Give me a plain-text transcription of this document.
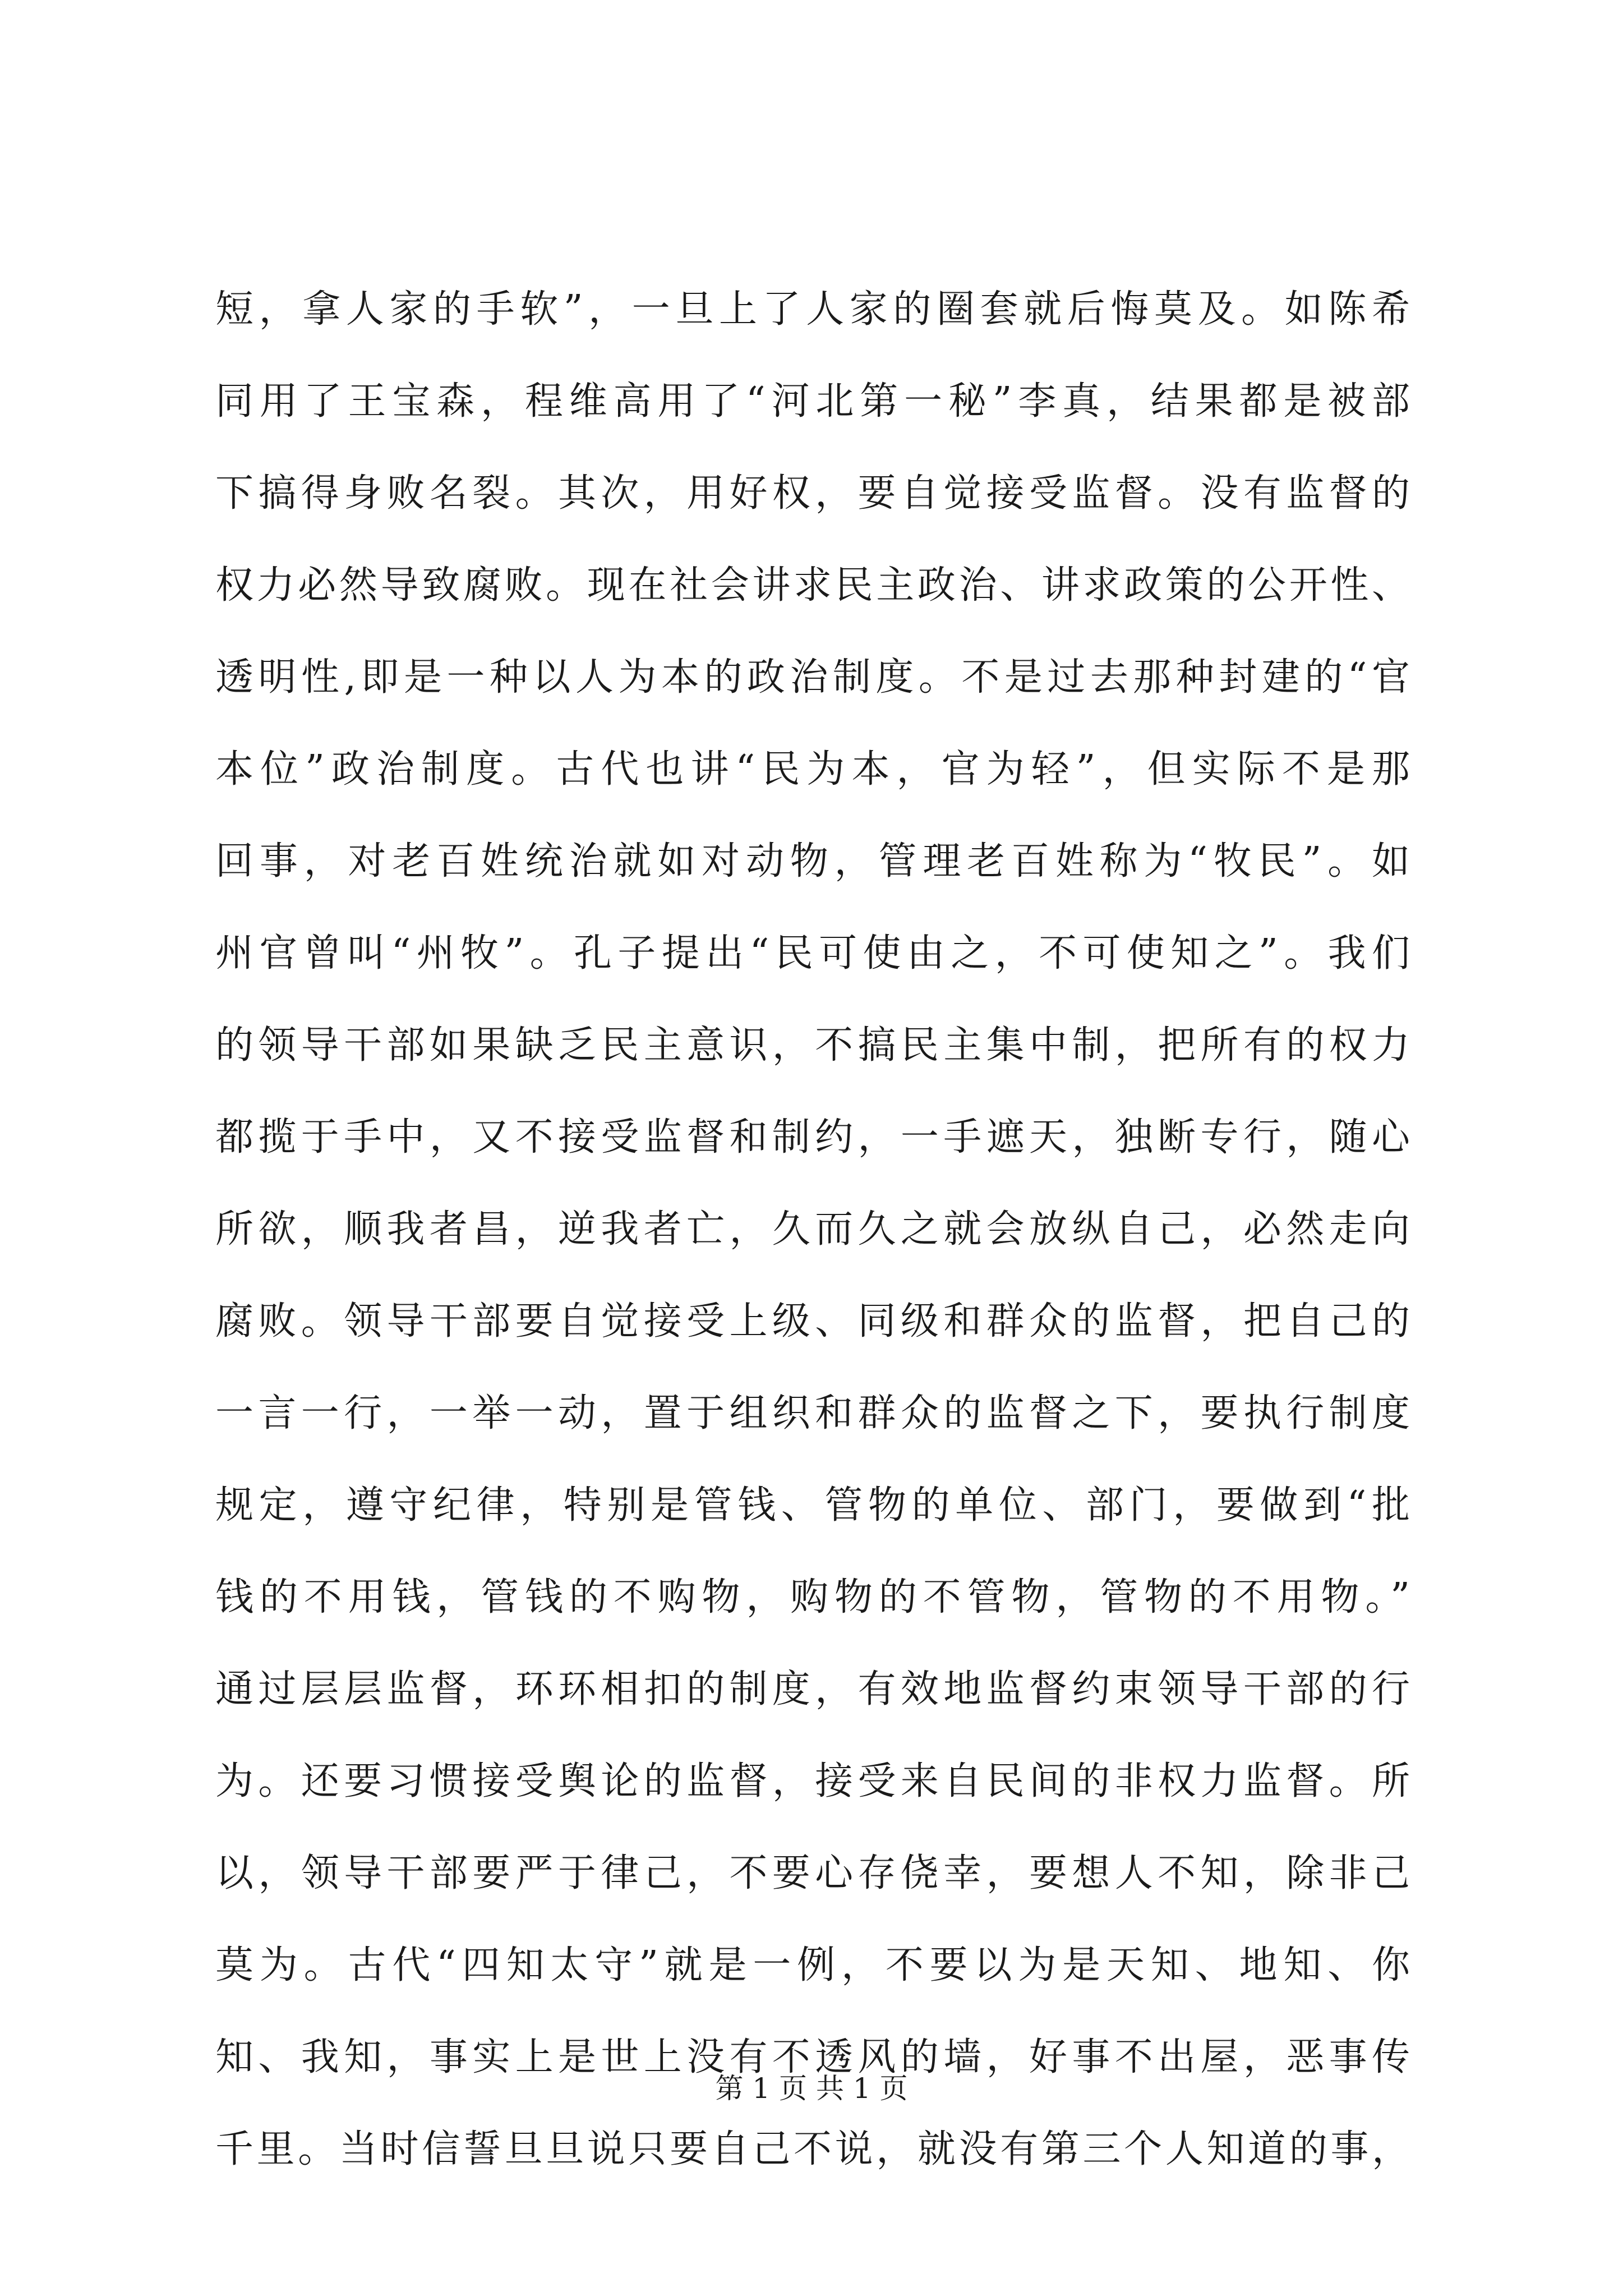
短，拿人家的手软”，一旦上了人家的圈套就后悔莫及。如陈希
同用了王宝森，程维高用了“河北第一秘”李真，结果都是被部
下搞得身败名裂。其次，用好权，要自觉接受监督。没有监督的
权力必然导致腐败。现在社会讲求民主政治、讲求政策的公开性、
透明性,即是一种以人为本的政治制度。不是过去那种封建的“官
本位”政治制度。古代也讲“民为本，官为轻”，但实际不是那
回事，对老百姓统治就如对动物，管理老百姓称为“牧民”。如
州官曾叫“州牧”。孔子提出“民可使由之，不可使知之”。我们
的领导干部如果缺乏民主意识，不搞民主集中制，把所有的权力
都揽于手中，又不接受监督和制约，一手遮天，独断专行，随心
所欲，顺我者昌，逆我者亡，久而久之就会放纵自己，必然走向
腐败。领导干部要自觉接受上级、同级和群众的监督，把自己的
一言一行，一举一动，置于组织和群众的监督之下，要执行制度
规定，遵守纪律，特别是管钱、管物的单位、部门，要做到“批
钱的不用钱，管钱的不购物，购物的不管物，管物的不用物。”
通过层层监督，环环相扣的制度，有效地监督约束领导干部的行
为。还要习惯接受舆论的监督，接受来自民间的非权力监督。所
以，领导干部要严于律己，不要心存侥幸，要想人不知，除非己
莫为。古代“四知太守”就是一例，不要以为是天知、地知、你
知、我知，事实上是世上没有不透风的墙，好事不出屋，恶事传
千里。当时信誓旦旦说只要自己不说，就没有第三个人知道的事，
第 1 页 共 1 页
